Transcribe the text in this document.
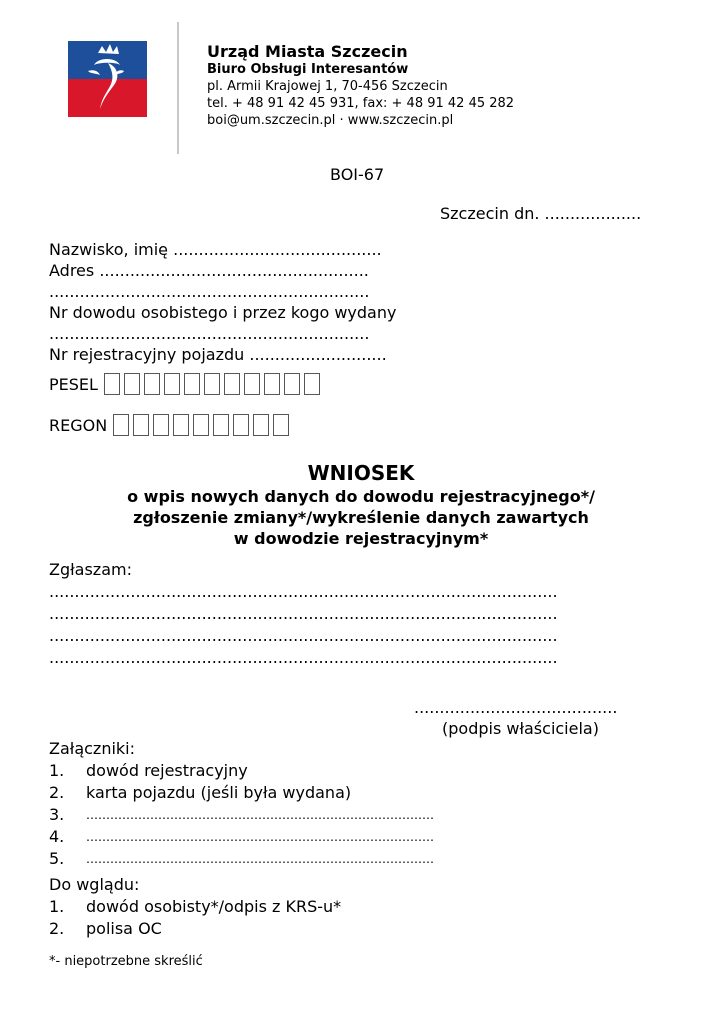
Urząd Miasta Szczecin
Biuro Obsługi Interesantów
pl. Armii Krajowej 1, 70-456 Szczecin
tel. + 48 91 42 45 931, fax: + 48 91 42 45 282
boi@um.szczecin.pl · www.szczecin.pl
BOI-67
Szczecin dn. ...................
Nazwisko, imię .........................................
Adres .....................................................
...............................................................
Nr dowodu osobistego i przez kogo wydany
...............................................................
Nr rejestracyjny pojazdu ...........................
PESEL
REGON
WNIOSEK
o wpis nowych danych do dowodu rejestracyjnego*/
zgłoszenie zmiany*/wykreślenie danych zawartych
w dowodzie rejestracyjnym*
Zgłaszam:
....................................................................................................
....................................................................................................
....................................................................................................
....................................................................................................
........................................
(podpis właściciela)
Załączniki:
1.	dowód rejestracyjny
2.	karta pojazdu (jeśli była wydana)
3.	……………………………………………………………………………
4.	……………………………………………………………………………
5.	……………………………………………………………………………
Do wglądu:
1.	dowód osobisty*/odpis z KRS-u*
2.	polisa OC
*- niepotrzebne skreślić
